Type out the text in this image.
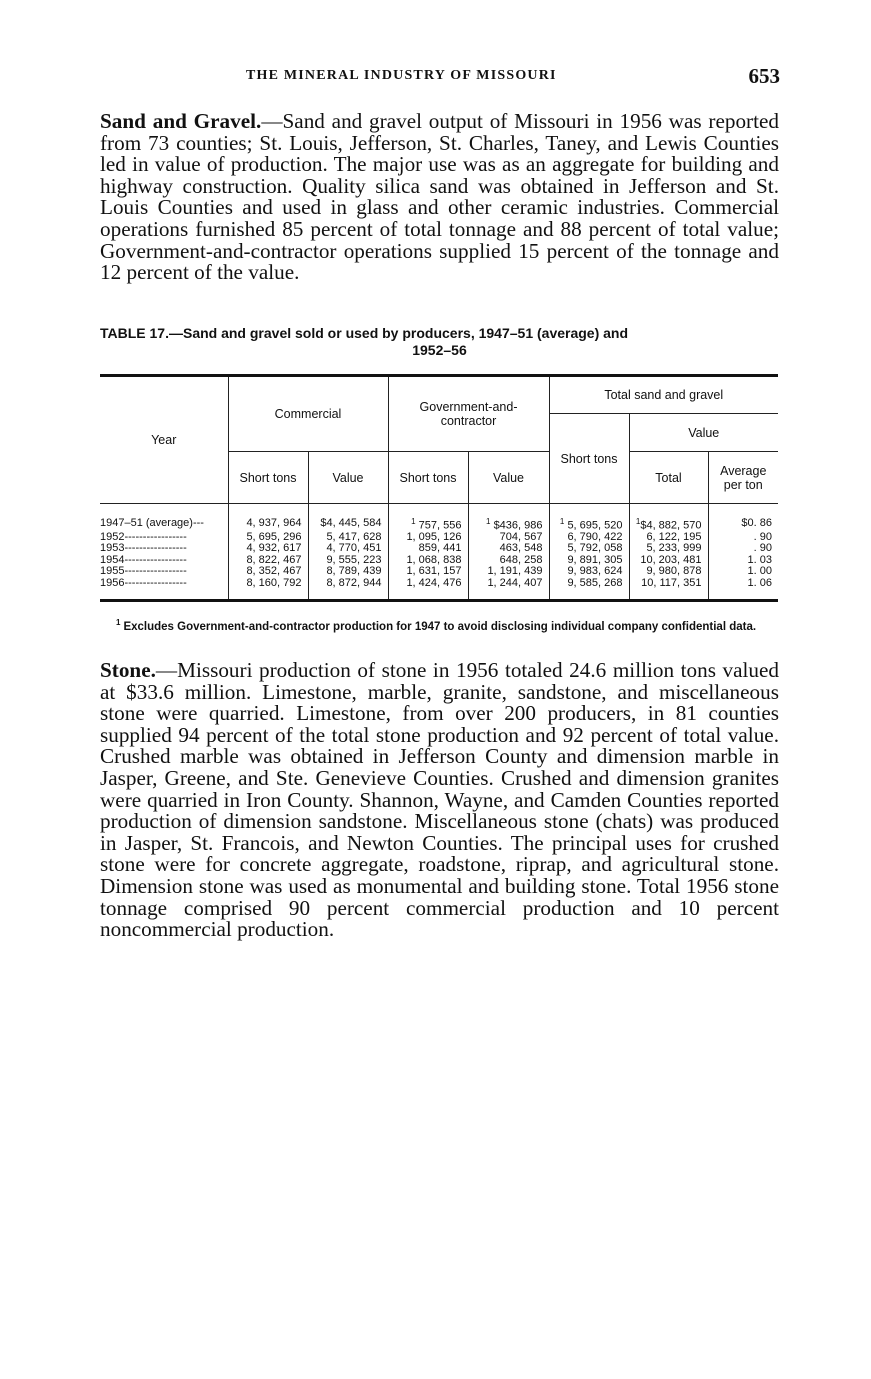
THE MINERAL INDUSTRY OF MISSOURI	653

Sand and Gravel.—Sand and gravel output of Missouri in 1956 was reported from 73 counties; St. Louis, Jefferson, St. Charles, Taney, and Lewis Counties led in value of production. The major use was as an aggregate for building and highway construction. Quality silica sand was obtained in Jefferson and St. Louis Counties and used in glass and other ceramic industries. Commercial operations furnished 85 percent of total tonnage and 88 percent of total value; Government-and-contractor operations supplied 15 percent of the tonnage and 12 percent of the value.

TABLE 17.—Sand and gravel sold or used by producers, 1947–51 (average) and
1952–56
Year	Commercial		Government-and-contractor		Total sand and gravel		
					Short tons	Value	
	Short tons	Value	Short tons	Value		Total	Average per ton
1947–51 (average)---	4, 937, 964	$4, 445, 584	$^1$ 757, 556	$^1$ $436, 986	$^1$ 5, 695, 520	$^1$\$4, 882, 570	$0. 86
1952-----------------	5, 695, 296	5, 417, 628	1, 095, 126	704, 567	6, 790, 422	6, 122, 195	. 90
1953-----------------	4, 932, 617	4, 770, 451	859, 441	463, 548	5, 792, 058	5, 233, 999	. 90
1954-----------------	8, 822, 467	9, 555, 223	1, 068, 838	648, 258	9, 891, 305	10, 203, 481	1. 03
1955-----------------	8, 352, 467	8, 789, 439	1, 631, 157	1, 191, 439	9, 983, 624	9, 980, 878	1. 00
1956-----------------	8, 160, 792	8, 872, 944	1, 424, 476	1, 244, 407	9, 585, 268	10, 117, 351	1. 06
$^1$ Excludes Government-and-contractor production for 1947 to avoid disclosing individual company confidential data.

Stone.—Missouri production of stone in 1956 totaled 24.6 million tons valued at $33.6 million. Limestone, marble, granite, sandstone, and miscellaneous stone were quarried. Limestone, from over 200 producers, in 81 counties supplied 94 percent of the total stone production and 92 percent of total value. Crushed marble was obtained in Jefferson County and dimension marble in Jasper, Greene, and Ste. Genevieve Counties. Crushed and dimension granites were quarried in Iron County. Shannon, Wayne, and Camden Counties reported production of dimension sandstone. Miscellaneous stone (chats) was produced in Jasper, St. Francois, and Newton Counties. The principal uses for crushed stone were for concrete aggregate, roadstone, riprap, and agricultural stone. Dimension stone was used as monumental and building stone. Total 1956 stone tonnage comprised 90 percent commercial production and 10 percent noncommercial production.
